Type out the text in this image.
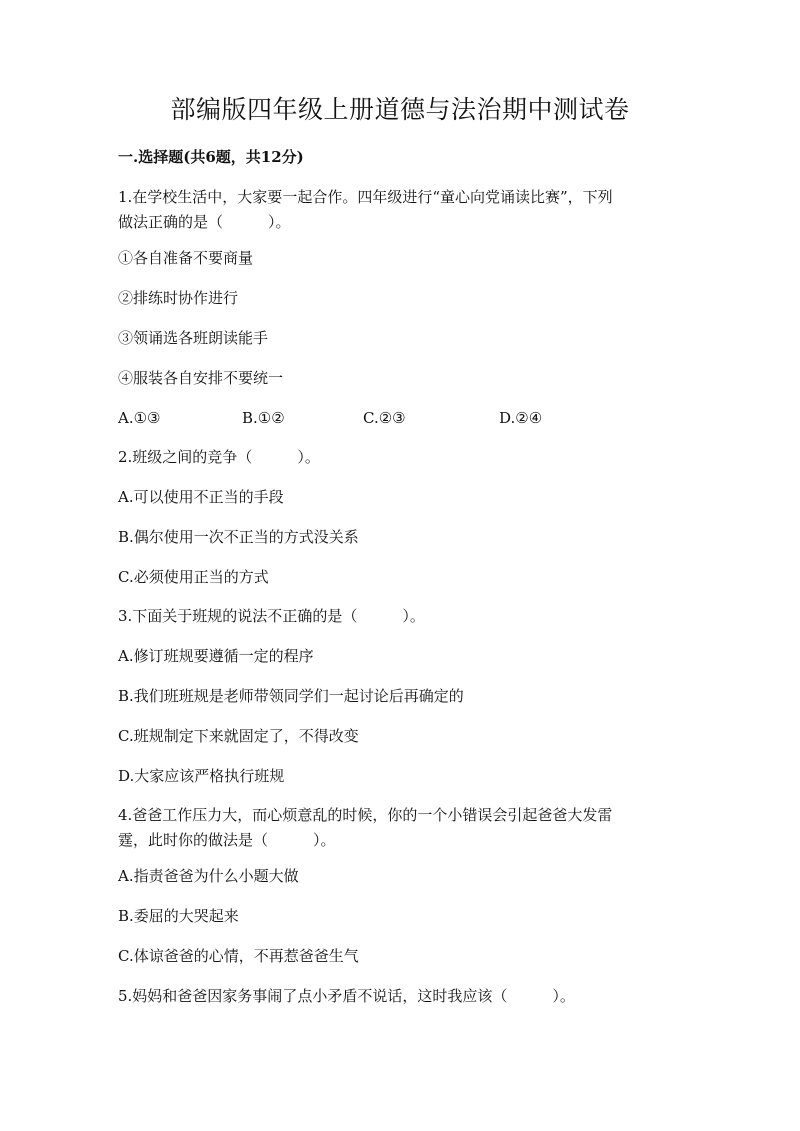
部编版四年级上册道德与法治期中测试卷
一.选择题(共6题，共12分)
1.在学校生活中，大家要一起合作。四年级进行“童心向党诵读比赛”，下列
做法正确的是（　　　）。
①各自准备不要商量
②排练时协作进行
③领诵选各班朗读能手
④服装各自安排不要统一
A.①③	B.①②	C.②③	D.②④
2.班级之间的竞争（　　　）。
A.可以使用不正当的手段
B.偶尔使用一次不正当的方式没关系
C.必须使用正当的方式
3.下面关于班规的说法不正确的是（　　　）。
A.修订班规要遵循一定的程序
B.我们班班规是老师带领同学们一起讨论后再确定的
C.班规制定下来就固定了，不得改变
D.大家应该严格执行班规
4.爸爸工作压力大，而心烦意乱的时候，你的一个小错误会引起爸爸大发雷
霆，此时你的做法是（　　　）。
A.指责爸爸为什么小题大做
B.委屈的大哭起来
C.体谅爸爸的心情，不再惹爸爸生气
5.妈妈和爸爸因家务事闹了点小矛盾不说话，这时我应该（　　　）。
